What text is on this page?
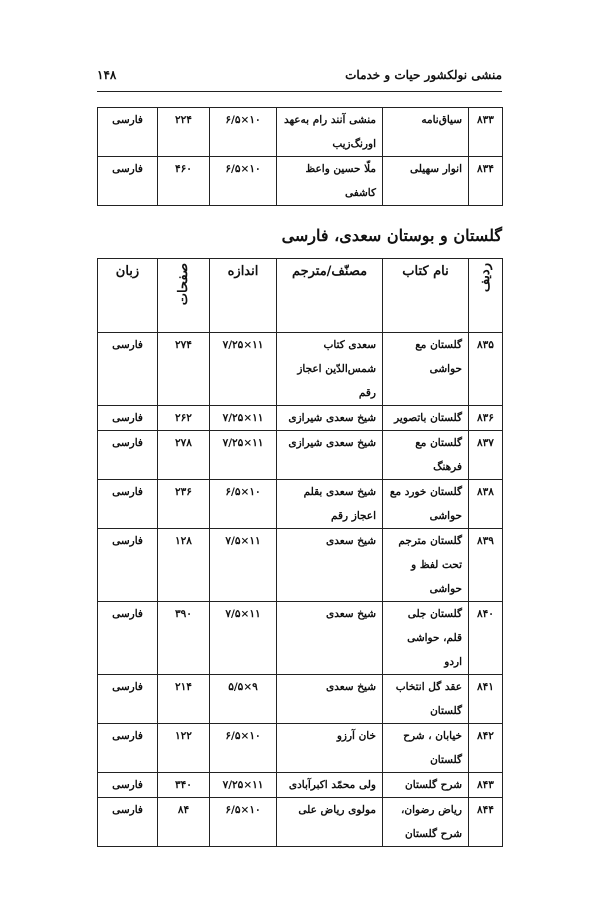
منشی نولکشور حیات و خدمات
۱۴۸
۸۳۳	سیاق‌نامه	منشی آنند رام به‌عهد اورنگ‌زیب	۱۰×۶/۵	۲۲۴	فارسی
۸۳۴	انوار سهیلی	ملّا حسین واعظ کاشفی	۱۰×۶/۵	۴۶۰	فارسی
گلستان و بوستان سعدی، فارسی
ردیف	نام کتاب	مصنّف/مترجم	اندازه	صفحات	زبان
۸۳۵	گلستان مع حواشی	سعدی کتاب شمس‌الدّین اعجاز رقم	۱۱×۷/۲۵	۲۷۴	فارسی
۸۳۶	گلستان باتصویر	شیخ سعدی شیرازی	۱۱×۷/۲۵	۲۶۲	فارسی
۸۳۷	گلستان مع فرهنگ	شیخ سعدی شیرازی	۱۱×۷/۲۵	۲۷۸	فارسی
۸۳۸	گلستان خورد مع حواشی	شیخ سعدی بقلم اعجاز رقم	۱۰×۶/۵	۲۳۶	فارسی
۸۳۹	گلستان مترجم تحت لفظ و حواشی	شیخ سعدی	۱۱×۷/۵	۱۲۸	فارسی
۸۴۰	گلستان جلی قلم، حواشی اردو	شیخ سعدی	۱۱×۷/۵	۳۹۰	فارسی
۸۴۱	عقد گل انتخاب گلستان	شیخ سعدی	۹×۵/۵	۲۱۴	فارسی
۸۴۲	خیابان ، شرح گلستان	خان آرزو	۱۰×۶/۵	۱۲۲	فارسی
۸۴۳	شرح گلستان	ولی محمّد اکبرآبادی	۱۱×۷/۲۵	۳۴۰	فارسی
۸۴۴	ریاض رضوان، شرح گلستان	مولوی ریاض علی	۱۰×۶/۵	۸۴	فارسی
